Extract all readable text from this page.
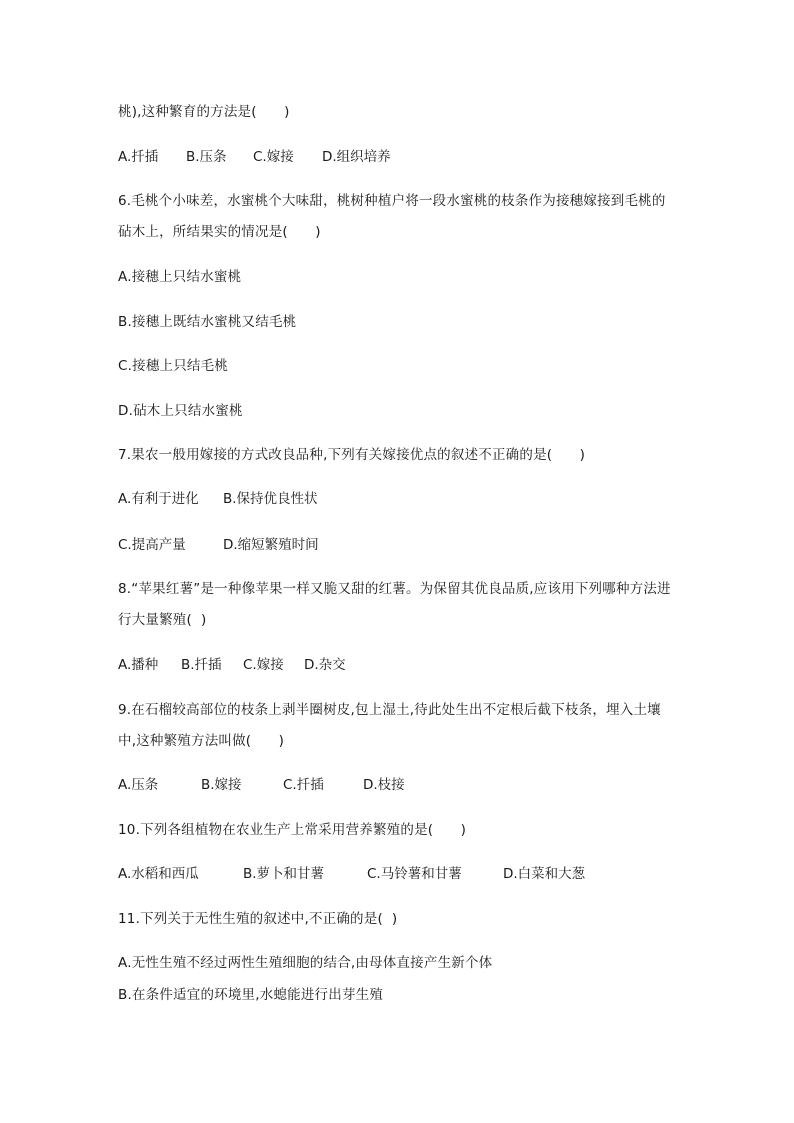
桃),这种繁育的方法是(　　)
A.扦插 B.压条 C.嫁接 D.组织培养
6.毛桃个小味差，水蜜桃个大味甜，桃树种植户将一段水蜜桃的枝条作为接穗嫁接到毛桃的
砧木上，所结果实的情况是(　　)
A.接穗上只结水蜜桃
B.接穗上既结水蜜桃又结毛桃
C.接穗上只结毛桃
D.砧木上只结水蜜桃
7.果农一般用嫁接的方式改良品种,下列有关嫁接优点的叙述不正确的是(　　)
A.有利于进化 B.保持优良性状
C.提高产量	D.缩短繁殖时间
8.“苹果红薯”是一种像苹果一样又脆又甜的红薯。为保留其优良品质,应该用下列哪种方法进
行大量繁殖(  )
A.播种 B.扦插 C.嫁接 D.杂交
9.在石榴较高部位的枝条上剥半圈树皮,包上湿土,待此处生出不定根后截下枝条，埋入土壤
中,这种繁殖方法叫做(　　)
A.压条	B.嫁接	C.扦插	D.枝接
10.下列各组植物在农业生产上常采用营养繁殖的是(　　)
A.水稻和西瓜	B.萝卜和甘薯	C.马铃薯和甘薯	D.白菜和大葱
11.下列关于无性生殖的叙述中,不正确的是(  )
A.无性生殖不经过两性生殖细胞的结合,由母体直接产生新个体
B.在条件适宜的环境里,水螅能进行出芽生殖
